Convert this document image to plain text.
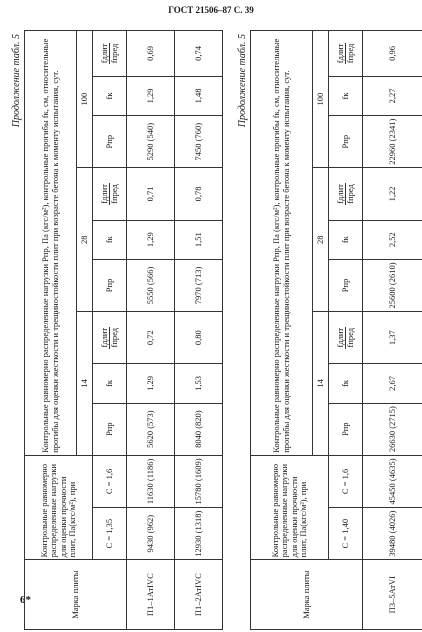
ГОСТ 21506–87 С. 39
6*
Продолжение табл. 5
Марка плиты	Контрольные равномерно распределенные нагрузки для оценки прочности плит, Па(кгс/м²), при		Контрольные равномерно распределенные нагрузки Рпр, Па (кгс/м²), контрольные прогибы fк, см, относительные прогибы для оценки жесткости и трещиностойкости плит при возрасте бетона к моменту испытания, сут.								
			14			28			100		
	С = 1,40	С = 1,6	Рпр	fк	fдлит fпред	Рпр	fк	fдлит fпред	Рпр	fк	fдлит fпред

П3–5АтVI	39480 (4026)	45450 (4635)	26630 (2715)	2,67	1,37	25600 (2610)	2,52	1,22	22960 (2341)	2,27	0,96
Продолжение табл. 5
Марка плиты	Контрольные равномерно распределенные нагрузки для оценки прочности плит, Па(кгс/м²), при		Контрольные равномерно распределенные нагрузки Рпр, Па (кгс/м²), контрольные прогибы fк, см, относительные прогибы для оценки жесткости и трещиностойкости плит при возрасте бетона к моменту испытания, сут.								
			14			28			100		
	С = 1,35	С = 1,6	Рпр	fк	fдлит fпред	Рпр	fк	fдлит fпред	Рпр	fк	fдлит fпред

П1–1АтIVС	9430 (962)	11630 (1186)	5620 (573)	1,29	0,72	5550 (566)	1,29	0,71	5290 (540)	1,29	0,69
П1–2АтIVС	12930 (1318)	15780 (1609)	8040 (820)	1,53	0,80	7970 (713)	1,51	0,78	7450 (760)	1,48	0,74
